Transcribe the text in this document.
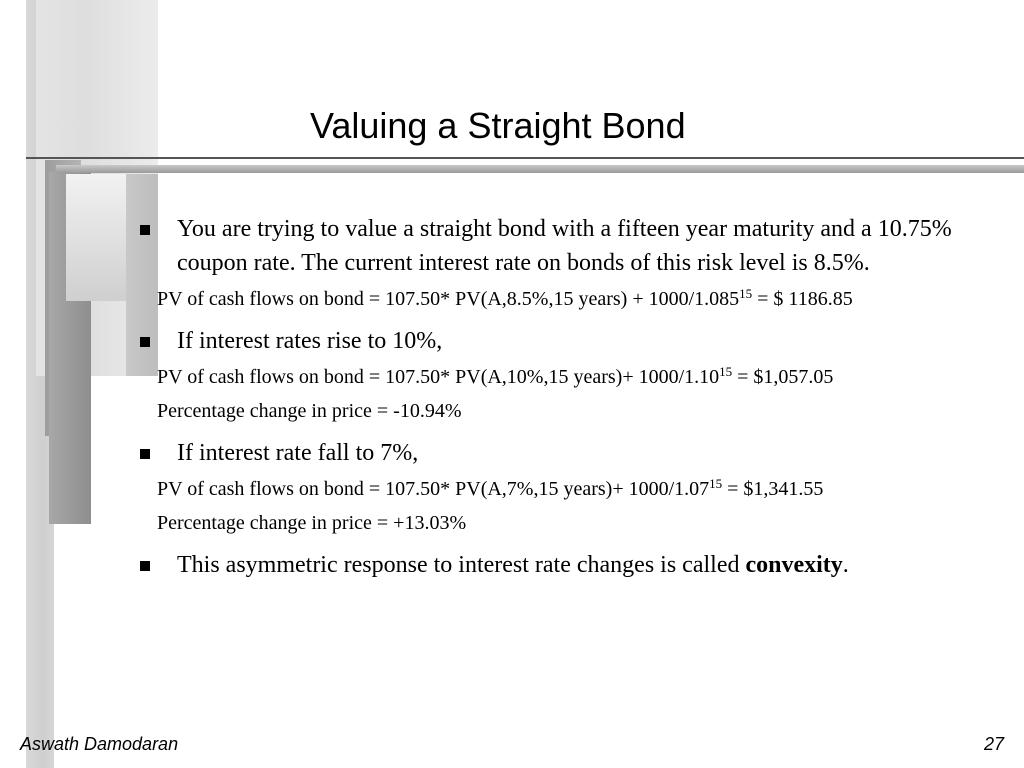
Valuing a Straight Bond
You are trying to value a straight bond with a fifteen year maturity and a 10.75% coupon rate. The current interest rate on bonds of this risk level is 8.5%.
PV of cash flows on bond = 107.50* PV(A,8.5%,15 years) + $1000/1.085^{15}$ = $ 1186.85
If interest rates rise to 10%,
PV of cash flows on bond = 107.50* PV(A,10%,15 years)+ $1000/1.10^{15}$ = $1,057.05
Percentage change in price = -10.94%
If interest rate fall to 7%,
PV of cash flows on bond = 107.50* PV(A,7%,15 years)+ $1000/1.07^{15}$ = $1,341.55
Percentage change in price = +13.03%
This asymmetric response to interest rate changes is called convexity.
Aswath Damodaran	27
